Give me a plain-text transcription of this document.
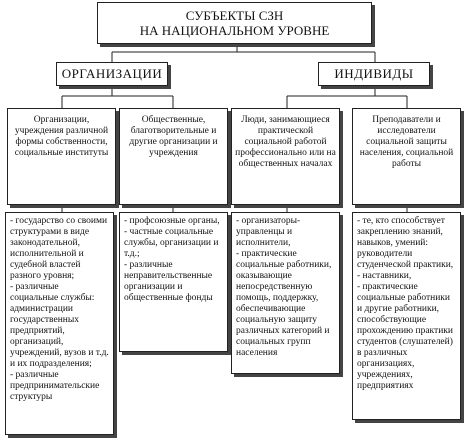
СУБЪЕКТЫ СЗН
НА НАЦИОНАЛЬНОМ УРОВНЕ
ОРГАНИЗАЦИИ	ИНДИВИДЫ
Организации, учреждения различной формы собственности, социальные институты
Общественные, благотворительные и другие организации и учреждения
Люди, занимающиеся практической социальной работой профессионально или на общественных началах
Преподаватели и исследователи социальной защиты населения, социальной работы
- государство со своими структурами в виде законодательной, исполнительной и судебной властей разного уровня;
- различные социальные службы: администрации государственных предприятий, организаций, учреждений, вузов и т.д. и их подразделения;
- различные предпринимательские структуры
- профсоюзные органы,
- частные социальные службы, организации и т.д.;
- различные неправительственные организации и общественные фонды
- организаторы-управленцы и исполнители,
- практические социальные работники, оказывающие непосредственную помощь, поддержку, обеспечивающие социальную защиту различных категорий и социальных групп населения
- те, кто способствует закреплению знаний, навыков, умений: руководители студенческой практики,
- наставники,
- практические социальные работники и другие работники, способствующие прохождению практики студентов (слушателей) в различных организациях, учреждениях, предприятиях
